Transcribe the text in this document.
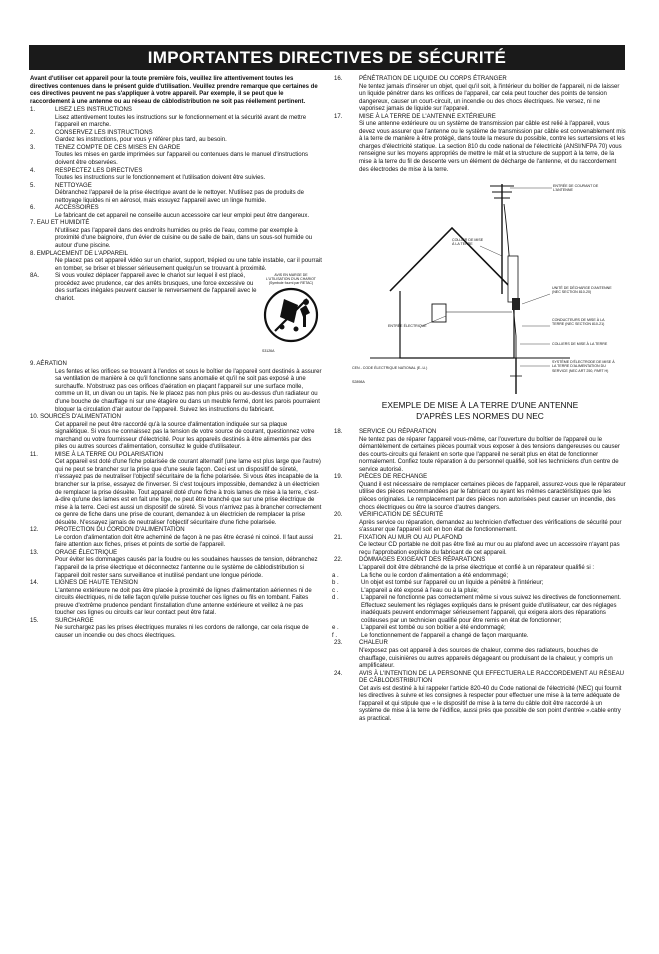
IMPORTANTES DIRECTIVES DE SÉCURITÉ
Avant d'utiliser cet appareil pour la toute première fois, veuillez lire attentivement toutes les directives contenues dans le présent guide d'utilisation. Veuillez prendre remarque que certaines de ces directives peuvent ne pas s'appliquer à votre appareil. Par exemple, il se peut que le raccordement à une antenne ou au réseau de câblodistribution ne soit pas réellement pertinent.
1.	LISEZ LES INSTRUCTIONS
Lisez attentivement toutes les instructions sur le fonctionnement et la sécurité avant de mettre l'appareil en marche.
2.	CONSERVEZ LES INSTRUCTIONS
Gardez les instructions, pour vous y référer plus tard, au besoin.
3.	TENEZ COMPTE DE CES MISES EN GARDE
Toutes les mises en garde imprimées sur l'appareil ou contenues dans le manuel d'instructions doivent être observées.
4.	RESPECTEZ LES DIRECTIVES
Toutes les instructions sur le fonctionnement et l'utilisation doivent être suivies.
5.	NETTOYAGE
Débranchez l'appareil de la prise électrique avant de le nettoyer. N'utilisez pas de produits de nettoyage liquides ni en aérosol, mais essuyez l'appareil avec un linge humide.
6.	ACCESSOIRES
Le fabricant de cet appareil ne conseille aucun accessoire car leur emploi peut être dangereux.
7. EAU ET HUMIDITÉ
N'utilisez pas l'appareil dans des endroits humides ou près de l'eau, comme par exemple à proximité d'une baignoire, d'un évier de cuisine ou de salle de bain, dans un sous-sol humide ou autour d'une piscine.
8. EMPLACEMENT DE L'APPAREIL
Ne placez pas cet appareil vidéo sur un chariot, support, trépied ou une table instable, car il pourrait en tomber, se briser et blesser sérieusement quelqu'un se trouvant à proximité.
8A.	AVIS EN MARGE DE L'UTILISATION D'UN CHARIOT (Symbole fourni par RETAC)
S3126A
Si vous voulez déplacer l'appareil avec le chariot sur lequel il est placé, procédez avec prudence, car des arrêts brusques, une force excessive ou des surfaces inégales peuvent causer le renversement de l'appareil avec le chariot.
9. AÉRATION
Les fentes et les orifices se trouvant à l'endos et sous le boîtier de l'appareil sont destinés à assurer sa ventilation de manière à ce qu'il fonctionne sans anomalie et qu'il ne soit pas exposé à une surchauffe. N'obstruez pas ces orifices d'aération en plaçant l'appareil sur une surface molle, comme un lit, un divan ou un tapis. Ne le placez pas non plus près ou au-dessus d'un radiateur ou d'une bouche de chauffage ni sur une étagère ou dans un meuble fermé, dont les parois pourraient bloquer la circulation d'air autour de l'appareil. Suivez les instructions du fabricant.
10. SOURCES D'ALIMENTATION
Cet appareil ne peut être raccordé qu'à la source d'alimentation indiquée sur sa plaque signalétique. Si vous ne connaissez pas la tension de votre source de courant, questionnez votre marchand ou votre fournisseur d'électricité. Pour les appareils destinés à être alimentés par des piles ou autres sources d'alimentation, consultez le guide d'utilisateur.
11.	MISE À LA TERRE OU POLARISATION
Cet appareil est doté d'une fiche polarisée de courant alternatif (une lame est plus large que l'autre) qui ne peut se brancher sur la prise que d'une seule façon. Ceci est un dispositif de sûreté, n'essayez pas de neutraliser l'objectif sécuritaire de la fiche polarisée. Si vous êtes incapable de la brancher sur la prise, essayez de l'inverser. Si c'est toujours impossible, demandez à un électricien de remplacer la prise désuète. Tout appareil doté d'une fiche à trois lames de mise à la terre, c'est-à-dire qu'une des lames est en fait une tige, ne peut être branché que sur une prise électrique de mise à la terre. Ceci est aussi un dispositif de sûreté. Si vous n'arrivez pas à brancher correctement ce genre de fiche dans une prise de courant, demandez à un électricien de remplacer la prise désuète. N'essayez jamais de neutraliser l'objectif sécuritaire d'une fiche polarisée.
12.	PROTECTION DU CORDON D'ALIMENTATION
Le cordon d'alimentation doit être acheminé de façon à ne pas être écrasé ni coincé. Il faut aussi faire attention aux fiches, prises et points de sortie de l'appareil.
13.	ORAGE ÉLECTRIQUE
Pour éviter les dommages causés par la foudre ou les soudaines hausses de tension, débranchez l'appareil de la prise électrique et déconnectez l'antenne ou le système de câblodistribution si l'appareil doit rester sans surveillance et inutilisé pendant une longue période.
14.	LIGNES DE HAUTE TENSION
L'antenne extérieure ne doit pas être placée à proximité de lignes d'alimentation aériennes ni de circuits électriques, ni de telle façon qu'elle puisse toucher ces lignes ou fils en tombant. Faites preuve d'extrême prudence pendant l'installation d'une antenne extérieure et veillez à ne pas toucher ces lignes ou circuits car leur contact peut être fatal.
15.	SURCHARGE
Ne surchargez pas les prises électriques murales ni les cordons de rallonge, car cela risque de causer un incendie ou des chocs électriques.
16.	PÉNÉTRATION DE LIQUIDE OU CORPS ÉTRANGER
Ne tentez jamais d'insérer un objet, quel qu'il soit, à l'intérieur du boîtier de l'appareil, ni de laisser un liquide pénétrer dans les orifices de l'appareil, car cela peut toucher des points de tension dangereux, causer un court-circuit, un incendie ou des chocs électriques. Ne versez, ni ne vaporisez jamais de liquide sur l'appareil.
17.	MISE À LA TERRE DE L'ANTENNE EXTÉRIEURE
Si une antenne extérieure ou un système de transmission par câble est relié à l'appareil, vous devez vous assurer que l'antenne ou le système de transmission par câble est convenablement mis à la terre de manière à être protégé, dans toute la mesure du possible, contre les surtensions et les charges d'électricité statique. La section 810 du code national de l'électricité (ANSI/NFPA 70) vous renseigne sur les moyens appropriés de mettre le mât et la structure de support à la terre, de la mise à la terre du fil de descente vers un élément de décharge de l'antenne, et du raccordement des électrodes de mise à la terre.
ENTRÉE DE COURANT DE L'ANTENNE
COLLIER DE MISE À LA TERRE
UNITÉ DE DÉCHARGE D'ANTENNE (NEC SECTION 810-20)
ENTRÉE ÉLECTRIQUE
CONDUCTEURS DE MISE À LA TERRE (NEC SECTION 810-21)
COLLIERS DE MISE À LA TERRE
SYSTÈME D'ÉLECTRODE DE MISE À LA TERRE D'ALIMENTATION DU SERVICE (NEC ART 250, PART H)
CEN - CODE ÉLECTRIQUE NATIONAL (E.-U.)
S2898A
EXEMPLE DE MISE À LA TERRE D'UNE ANTENNE
D'APRÈS LES NORMES DU NEC
18.	SERVICE OU RÉPARATION
Ne tentez pas de réparer l'appareil vous-même, car l'ouverture du boîtier de l'appareil ou le démantèlement de certaines pièces pourrait vous exposer à des tensions dangereuses ou causer des courts-circuits qui feraient en sorte que l'appareil ne serait plus en état de fonctionner normalement. Confiez toute réparation à du personnel qualifié, soit les techniciens d'un centre de service autorisé.
19.	PIÈCES DE RECHANGE
Quand il est nécessaire de remplacer certaines pièces de l'appareil, assurez-vous que le réparateur utilise des pièces recommandées par le fabricant ou ayant les mêmes caractéristiques que les pièces originales. Le remplacement par des pièces non autorisées peut causer un incendie, des chocs électriques ou être la source d'autres dangers.
20.	VÉRIFICATION DE SÉCURITÉ
Après service ou réparation, demandez au technicien d'effectuer des vérifications de sécurité pour s'assurer que l'appareil soit en bon état de fonctionnement.
21.	FIXATION AU MUR OU AU PLAFOND
Ce lecteur CD portable ne doit pas être fixé au mur ou au plafond avec un accessoire n'ayant pas reçu l'approbation explicite du fabricant de cet appareil.
22.	DOMMAGES EXIGEANT DES RÉPARATIONS
L'appareil doit être débranché de la prise électrique et confié à un réparateur qualifié si :
a .	La fiche ou le cordon d'alimentation a été endommagé;
b .	Un objet est tombé sur l'appareil ou un liquide a pénétré à l'intérieur;
c .	L'appareil a été exposé à l'eau ou à la pluie;
d .	L'appareil ne fonctionne pas correctement même si vous suivez les directives de fonctionnement. Effectuez seulement les réglages expliqués dans le présent guide d'utilisateur, car des réglages inadéquats peuvent endommager sérieusement l'appareil, qui exigera alors des réparations coûteuses par un technicien qualifié pour être remis en état de fonctionner;
e .	L'appareil est tombé ou son boîtier a été endommagé;
f .	Le fonctionnement de l'appareil a changé de façon marquante.
23.	CHALEUR
N'exposez pas cet appareil à des sources de chaleur, comme des radiateurs, bouches de chauffage, cuisinières ou autres appareils dégageant ou produisant de la chaleur, y compris un amplificateur.
24.	AVIS À L'INTENTION DE LA PERSONNE QUI EFFECTUERA LE RACCORDEMENT AU RÉSEAU DE CÂBLODISTRIBUTION
Cet avis est destiné à lui rappeler l'article 820-40 du Code national de l'électricité (NEC) qui fournit les directives à suivre et les consignes à respecter pour effectuer une mise à la terre adéquate de l'appareil et qui stipule que « le dispositif de mise à la terre du câble doit être raccordé à un système de mise à la terre de l'édifice, aussi près que possible de son point d'entrée ».cable entry as practical.
